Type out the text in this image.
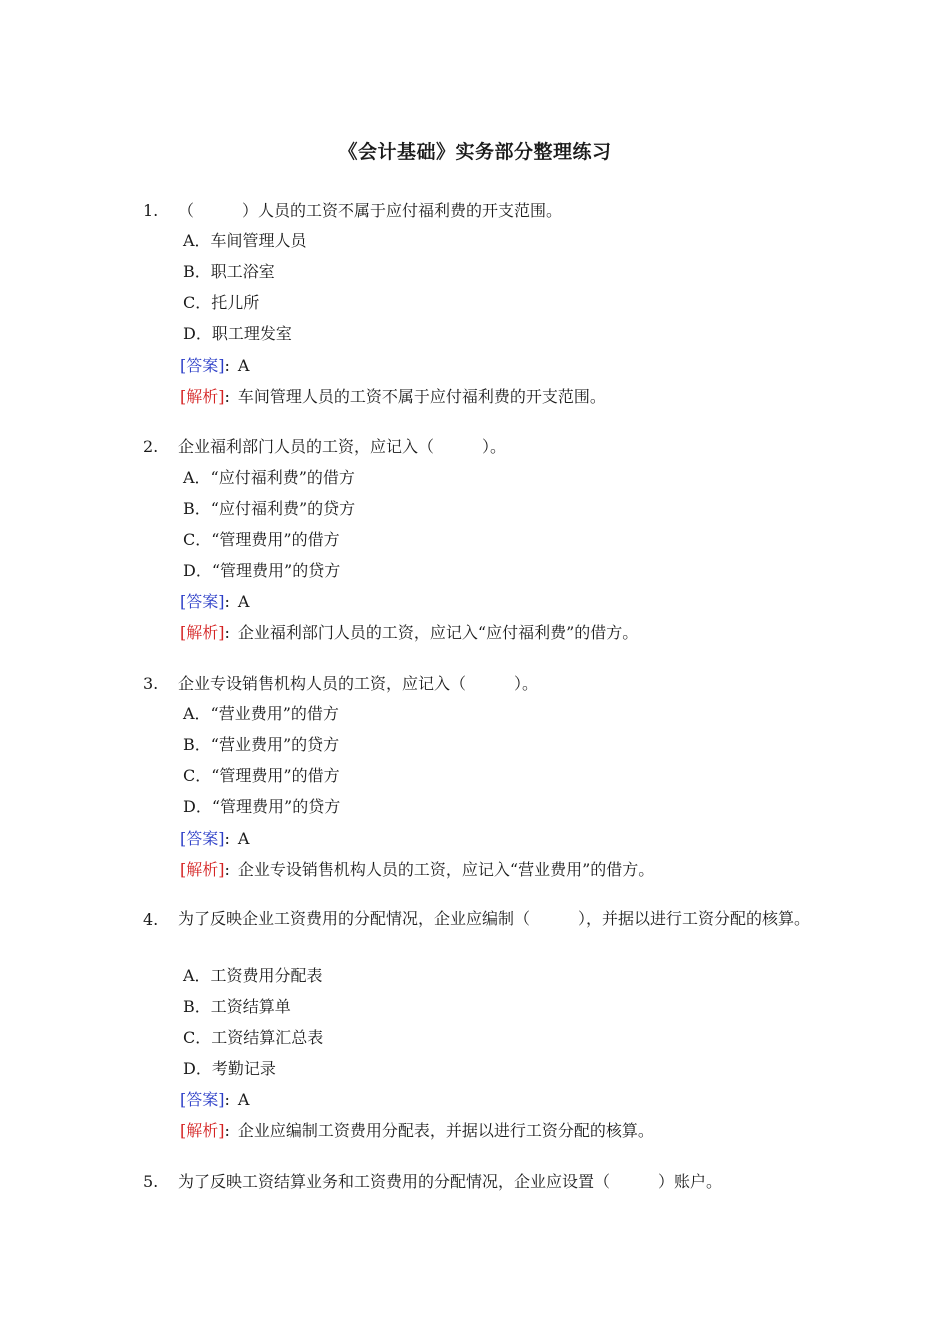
《会计基础》实务部分整理练习
1. （　　　）人员的工资不属于应付福利费的开支范围。
A．车间管理人员
B．职工浴室
C．托儿所
D．职工理发室
[答案]: A
[解析]: 车间管理人员的工资不属于应付福利费的开支范围。
2. 企业福利部门人员的工资，应记入（　　　）。
A．“应付福利费”的借方
B．“应付福利费”的贷方
C．“管理费用”的借方
D．“管理费用”的贷方
[答案]: A
[解析]: 企业福利部门人员的工资，应记入“应付福利费”的借方。
3. 企业专设销售机构人员的工资，应记入（　　　）。
A．“营业费用”的借方
B．“营业费用”的贷方
C．“管理费用”的借方
D．“管理费用”的贷方
[答案]: A
[解析]: 企业专设销售机构人员的工资，应记入“营业费用”的借方。
4. 为了反映企业工资费用的分配情况，企业应编制（　　　），并据以进行工资分配的核算。
A．工资费用分配表
B．工资结算单
C．工资结算汇总表
D．考勤记录
[答案]: A
[解析]: 企业应编制工资费用分配表，并据以进行工资分配的核算。
5. 为了反映工资结算业务和工资费用的分配情况，企业应设置（　　　）账户。
